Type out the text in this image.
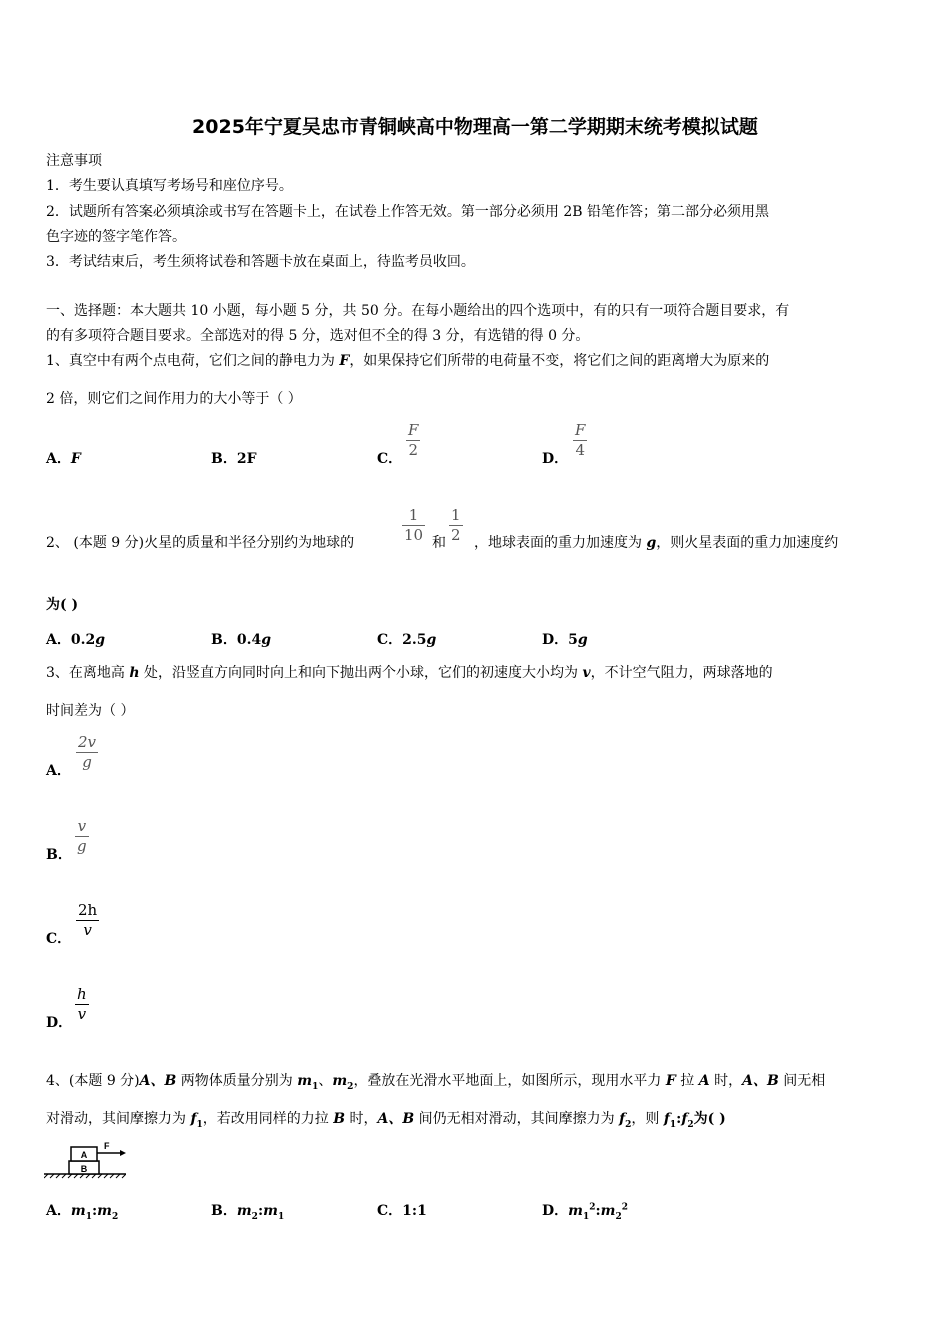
2025年宁夏吴忠市青铜峡高中物理高一第二学期期末统考模拟试题
注意事项
1．考生要认真填写考场号和座位序号。
2．试题所有答案必须填涂或书写在答题卡上，在试卷上作答无效。第一部分必须用 2B 铅笔作答；第二部分必须用黑
色字迹的签字笔作答。
3．考试结束后，考生须将试卷和答题卡放在桌面上，待监考员收回。
一、选择题：本大题共 10 小题，每小题 5 分，共 50 分。在每小题给出的四个选项中，有的只有一项符合题目要求，有
的有多项符合题目要求。全部选对的得 5 分，选对但不全的得 3 分，有选错的得 0 分。
1、真空中有两个点电荷，它们之间的静电力为 F，如果保持它们所带的电荷量不变，将它们之间的距离增大为原来的
2 倍，则它们之间作用力的大小等于（ ）
A．F	B．2F	C． $\frac{F}{2}$	D． $\frac{F}{4}$
2、 (本题 9 分)火星的质量和半径分别约为地球的	$\frac{1}{10}$ 和 $\frac{1}{2}$ ，地球表面的重力加速度为 g，则火星表面的重力加速度约
为( )
A．0.2g	B．0.4g	C．2.5g	D．5g
3、在离地高 h 处，沿竖直方向同时向上和向下抛出两个小球，它们的初速度大小均为 v，不计空气阻力，两球落地的
时间差为（ ）
A． $\frac{2v}{g}$
B． $\frac{v}{g}$
C． $\frac{2h}{v}$
D． $\frac{h}{v}$
4、(本题 9 分)A、B 两物体质量分别为 $m_1$、$m_2$，叠放在光滑水平地面上，如图所示，现用水平力 F 拉 A 时，A、B 间无相
对滑动，其间摩擦力为 $f_1$，若改用同样的力拉 B 时，A、B 间仍无相对滑动，其间摩擦力为 $f_2$，则 $f_1:f_2$为( )
A
B
F
A．$m_1:m_2$	B．$m_2:m_1$	C．1:1	D．$m_1^2:m_2^2$
